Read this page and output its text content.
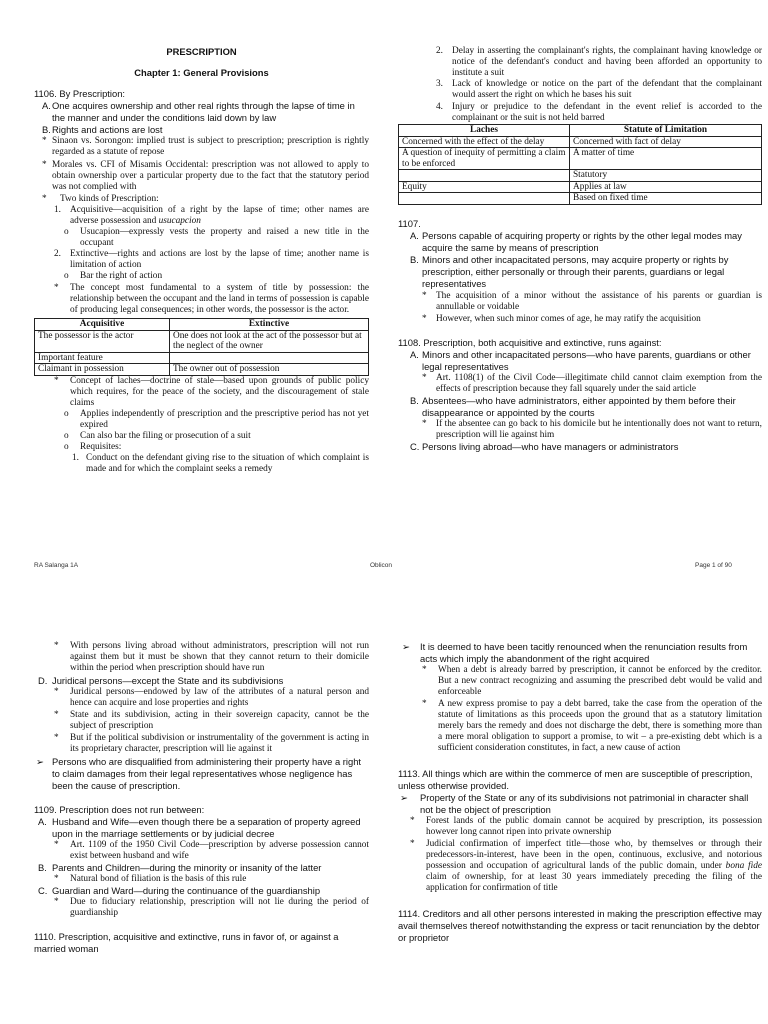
PRESCRIPTION

Chapter 1: General Provisions

1106. By Prescription:

A. One acquires ownership and other real rights through the lapse of time in the manner and under the conditions laid down by law
B. Rights and actions are lost
* Sinaon vs. Sorongon: implied trust is subject to prescription; prescription is rightly regarded as a statute of repose
* Morales vs. CFI of Misamis Occidental: prescription was not allowed to apply to obtain ownership over a particular property due to the fact that the statutory period was not complied with
* Two kinds of Prescription:
1. Acquisitive—acquisition of a right by the lapse of time; other names are adverse possession and usucapcion
o Usucapion—expressly vests the property and raised a new title in the occupant
2. Extinctive—rights and actions are lost by the lapse of time; another name is limitation of action
o Bar the right of action
* The concept most fundamental to a system of title by possession: the relationship between the occupant and the land in terms of possession is capable of producing legal consequences; in other words, the possessor is the actor.
Acquisitive	Extinctive
The possessor is the actor	One does not look at the act of the possessor but at the neglect of the owner
Important feature	
Claimant in possession	The owner out of possession
* Concept of laches—doctrine of stale—based upon grounds of public policy which requires, for the peace of the society, and the discouragement of stale claims
o Applies independently of prescription and the prescriptive period has not yet expired
o Can also bar the filing or prosecution of a suit
o Requisites:
1. Conduct on the defendant giving rise to the situation of which complaint is made and for which the complaint seeks a remedy
2. Delay in asserting the complainant's rights, the complainant having knowledge or notice of the defendant's conduct and having been afforded an opportunity to institute a suit
3. Lack of knowledge or notice on the part of the defendant that the complainant would assert the right on which he bases his suit
4. Injury or prejudice to the defendant in the event relief is accorded to the complainant or the suit is not held barred
Laches	Statute of Limitation
Concerned with the effect of the delay	Concerned with fact of delay
A question of inequity of permitting a claim to be enforced	A matter of time
	Statutory
Equity	Applies at law
	Based on fixed time

1107.

A. Persons capable of acquiring property or rights by the other legal modes may acquire the same by means of prescription
B. Minors and other incapacitated persons, may acquire property or rights by prescription, either personally or through their parents, guardians or legal representatives
* The acquisition of a minor without the assistance of his parents or guardian is annullable or voidable
* However, when such minor comes of age, he may ratify the acquisition

1108. Prescription, both acquisitive and extinctive, runs against:

A. Minors and other incapacitated persons—who have parents, guardians or other legal representatives
* Art. 1108(1) of the Civil Code—illegitimate child cannot claim exemption from the effects of prescription because they fall squarely under the said article
B. Absentees—who have administrators, either appointed by them before their disappearance or appointed by the courts
* If the absentee can go back to his domicile but he intentionally does not want to return, prescription will lie against him
C. Persons living abroad—who have managers or administrators
RA Salanga 1A	Oblicon	Page 1 of 90
* With persons living abroad without administrators, prescription will not run against them but it must be shown that they cannot return to their domicile within the period when prescription should have run
D. Juridical persons—except the State and its subdivisions
* Juridical persons—endowed by law of the attributes of a natural person and hence can acquire and lose properties and rights
* State and its subdivision, acting in their sovereign capacity, cannot be the subject of prescription
* But if the political subdivision or instrumentality of the government is acting in its proprietary character, prescription will lie against it
➢ Persons who are disqualified from administering their property have a right to claim damages from their legal representatives whose negligence has been the cause of prescription.

1109. Prescription does not run between:

A. Husband and Wife—even though there be a separation of property agreed upon in the marriage settlements or by judicial decree
* Art. 1109 of the 1950 Civil Code—prescription by adverse possession cannot exist between husband and wife
B. Parents and Children—during the minority or insanity of the latter
* Natural bond of filiation is the basis of this rule
C. Guardian and Ward—during the continuance of the guardianship
* Due to fiduciary relationship, prescription will not lie during the period of guardianship

1110. Prescription, acquisitive and extinctive, runs in favor of, or against a married woman

➢ It is deemed to have been tacitly renounced when the renunciation results from acts which imply the abandonment of the right acquired
* When a debt is already barred by prescription, it cannot be enforced by the creditor. But a new contract recognizing and assuming the prescribed debt would be valid and enforceable
* A new express promise to pay a debt barred, take the case from the operation of the statute of limitations as this proceeds upon the ground that as a statutory limitation merely bars the remedy and does not discharge the debt, there is something more than a mere moral obligation to support a promise, to wit – a pre-existing debt which is a sufficient consideration constitutes, in fact, a new cause of action

1113. All things which are within the commerce of men are susceptible of prescription, unless otherwise provided.

➢ Property of the State or any of its subdivisions not patrimonial in character shall not be the object of prescription
* Forest lands of the public domain cannot be acquired by prescription, its possession however long cannot ripen into private ownership
* Judicial confirmation of imperfect title—those who, by themselves or through their predecessors-in-interest, have been in the open, continuous, exclusive, and notorious possession and occupation of agricultural lands of the public domain, under bona fide claim of ownership, for at least 30 years immediately preceding the filing of the application for confirmation of title

1114. Creditors and all other persons interested in making the prescription effective may avail themselves thereof notwithstanding the express or tacit renunciation by the debtor or proprietor
